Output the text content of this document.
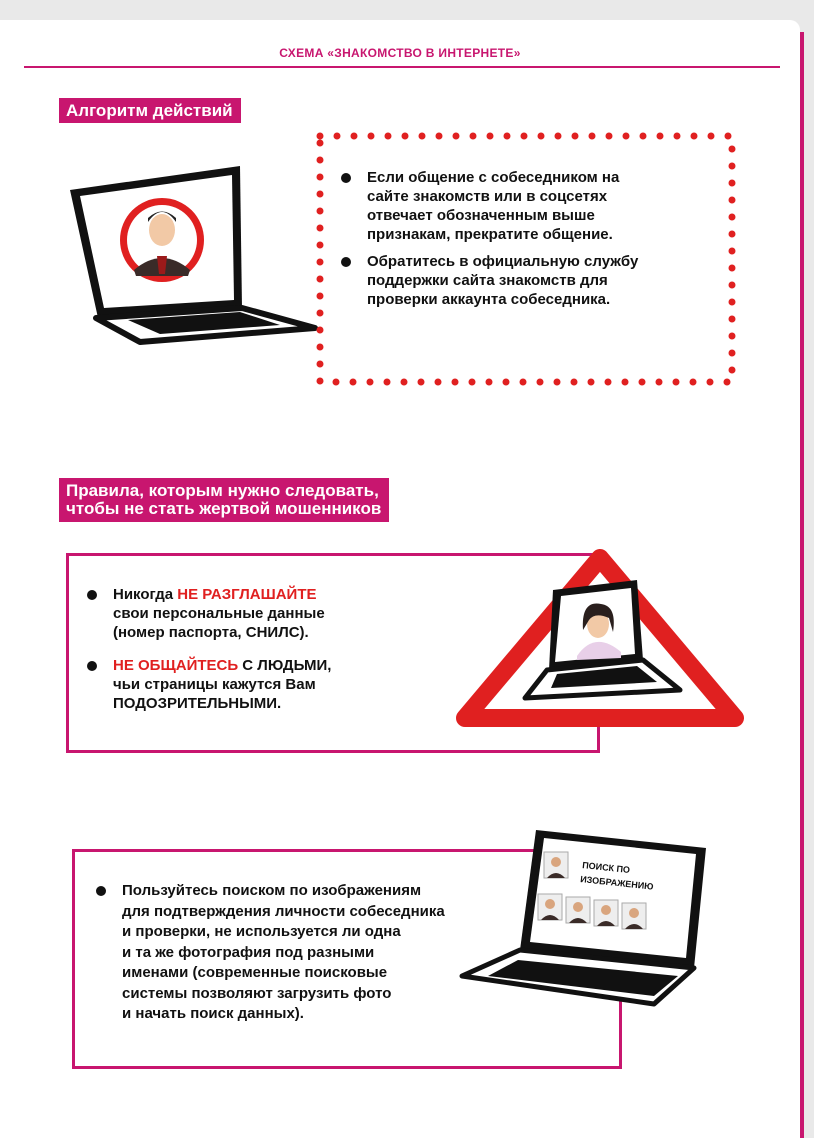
СХЕМА «ЗНАКОМСТВО В ИНТЕРНЕТЕ»
Алгоритм действий
Если общение с собеседником на
сайте знакомств или в соцсетях
отвечает обозначенным выше
признакам, прекратите общение.
Обратитесь в официальную службу
поддержки сайта знакомств для
проверки аккаунта собеседника.
Правила, которым нужно следовать,
чтобы не стать жертвой мошенников
Никогда НЕ РАЗГЛАШАЙТЕ
свои персональные данные
(номер паспорта, СНИЛС).
НЕ ОБЩАЙТЕСЬ С ЛЮДЬМИ,
чьи страницы кажутся Вам
ПОДОЗРИТЕЛЬНЫМИ.
ПОИСК ПО
ИЗОБРАЖЕНИЮ
Пользуйтесь поиском по изображениям
для подтверждения личности собеседника
и проверки, не используется ли одна
и та же фотография под разными
именами (современные поисковые
системы позволяют загрузить фото
и начать поиск данных).
